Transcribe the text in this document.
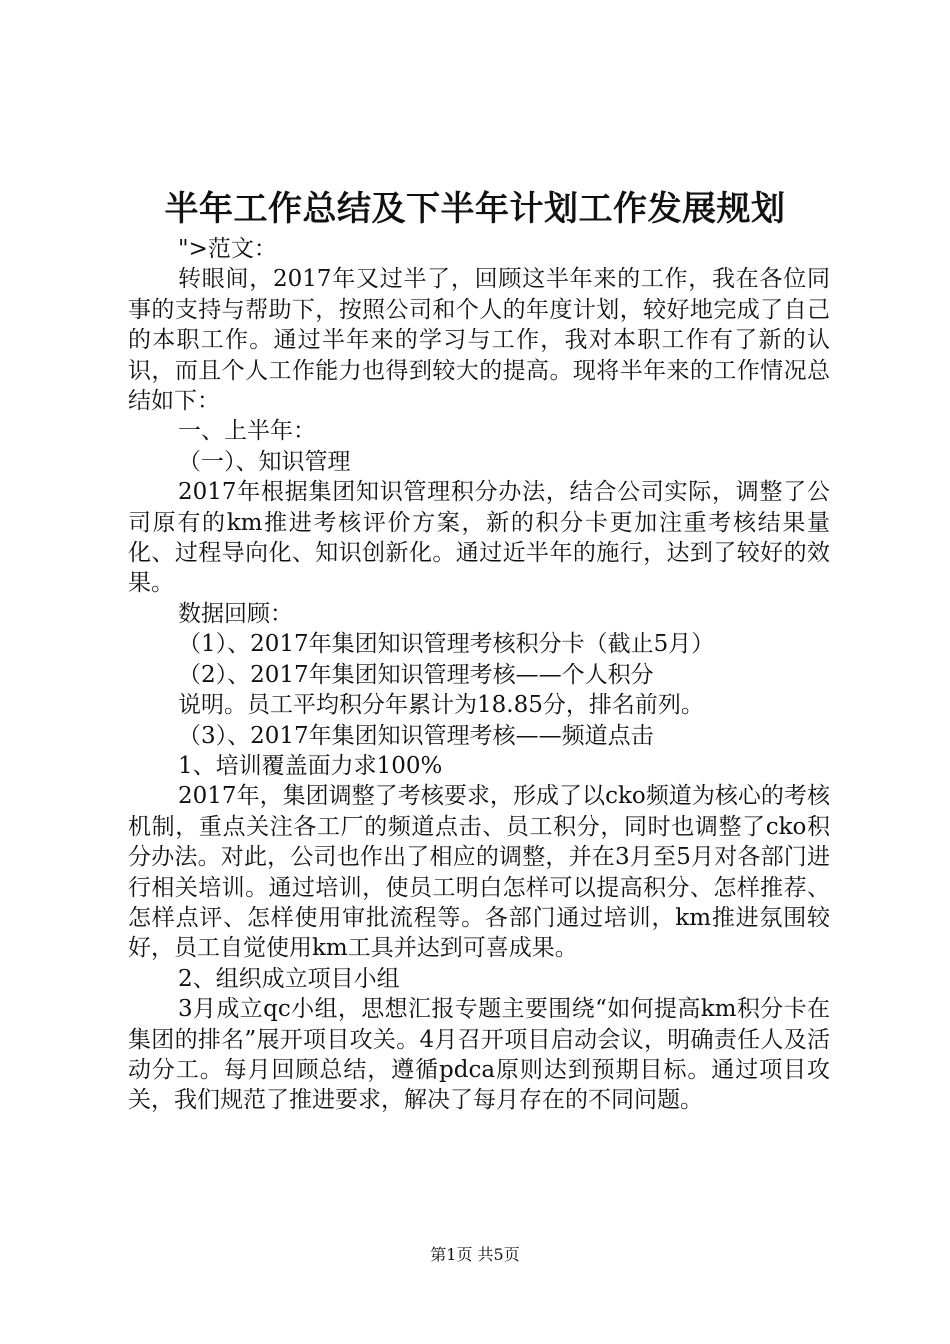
半年工作总结及下半年计划工作发展规划

">范文：

转眼间，2017年又过半了，回顾这半年来的工作，我在各位同事的支持与帮助下，按照公司和个人的年度计划，较好地完成了自己的本职工作。通过半年来的学习与工作，我对本职工作有了新的认识，而且个人工作能力也得到较大的提高。现将半年来的工作情况总结如下：

一、上半年：

（一）、知识管理

2017年根据集团知识管理积分办法，结合公司实际，调整了公司原有的km推进考核评价方案，新的积分卡更加注重考核结果量化、过程导向化、知识创新化。通过近半年的施行，达到了较好的效果。

数据回顾：

（1）、2017年集团知识管理考核积分卡（截止5月）

（2）、2017年集团知识管理考核——个人积分

说明。员工平均积分年累计为18.85分，排名前列。

（3）、2017年集团知识管理考核——频道点击

1、培训覆盖面力求100%

2017年，集团调整了考核要求，形成了以cko频道为核心的考核机制，重点关注各工厂的频道点击、员工积分，同时也调整了cko积分办法。对此，公司也作出了相应的调整，并在3月至5月对各部门进行相关培训。通过培训，使员工明白怎样可以提高积分、怎样推荐、怎样点评、怎样使用审批流程等。各部门通过培训，km推进氛围较好，员工自觉使用km工具并达到可喜成果。

2、组织成立项目小组

3月成立qc小组，思想汇报专题主要围绕“如何提高km积分卡在集团的排名”展开项目攻关。4月召开项目启动会议，明确责任人及活动分工。每月回顾总结，遵循pdca原则达到预期目标。通过项目攻关，我们规范了推进要求，解决了每月存在的不同问题。

第1页 共5页
